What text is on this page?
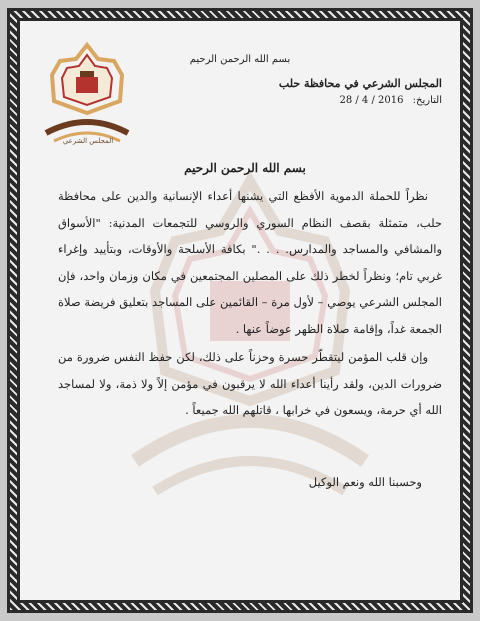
المجلس الشرعي
بسم الله الرحمن الرحيم
المجلس الشرعي في محافظة حلب
التاريخ: 28 / 4 / 2016
بسم الله الرحمن الرحيم

نظراً للحملة الدموية الأفظع التي يشنها أعداء الإنسانية والدين على محافظة حلب، متمثلة بقصف النظام السوري والروسي للتجمعات المدنية: "الأسواق والمشافي والمساجد والمدارس. . . ." بكافة الأسلحة والأوقات، وبتأييد وإغراء غربي تام؛ ونظراً لخطر ذلك على المصلين المجتمعين في مكان وزمان واحد، فإن المجلس الشرعي يوصي – لأول مرة – القائمين على المساجد بتعليق فريضة صلاة الجمعة غداً، وإقامة صلاة الظهر عوضاً عنها .

وإن قلب المؤمن ليتقطّر حسرة وحزناً على ذلك، لكن حفظ النفس ضرورة من ضرورات الدين، ولقد رأينا أعداء الله لا يرقبون في مؤمن إلاً ولا ذمة، ولا لمساجد الله أي حرمة، ويسعون في خرابها ، قاتلهم الله جميعاً .

وحسبنا الله ونعم الوكيل
